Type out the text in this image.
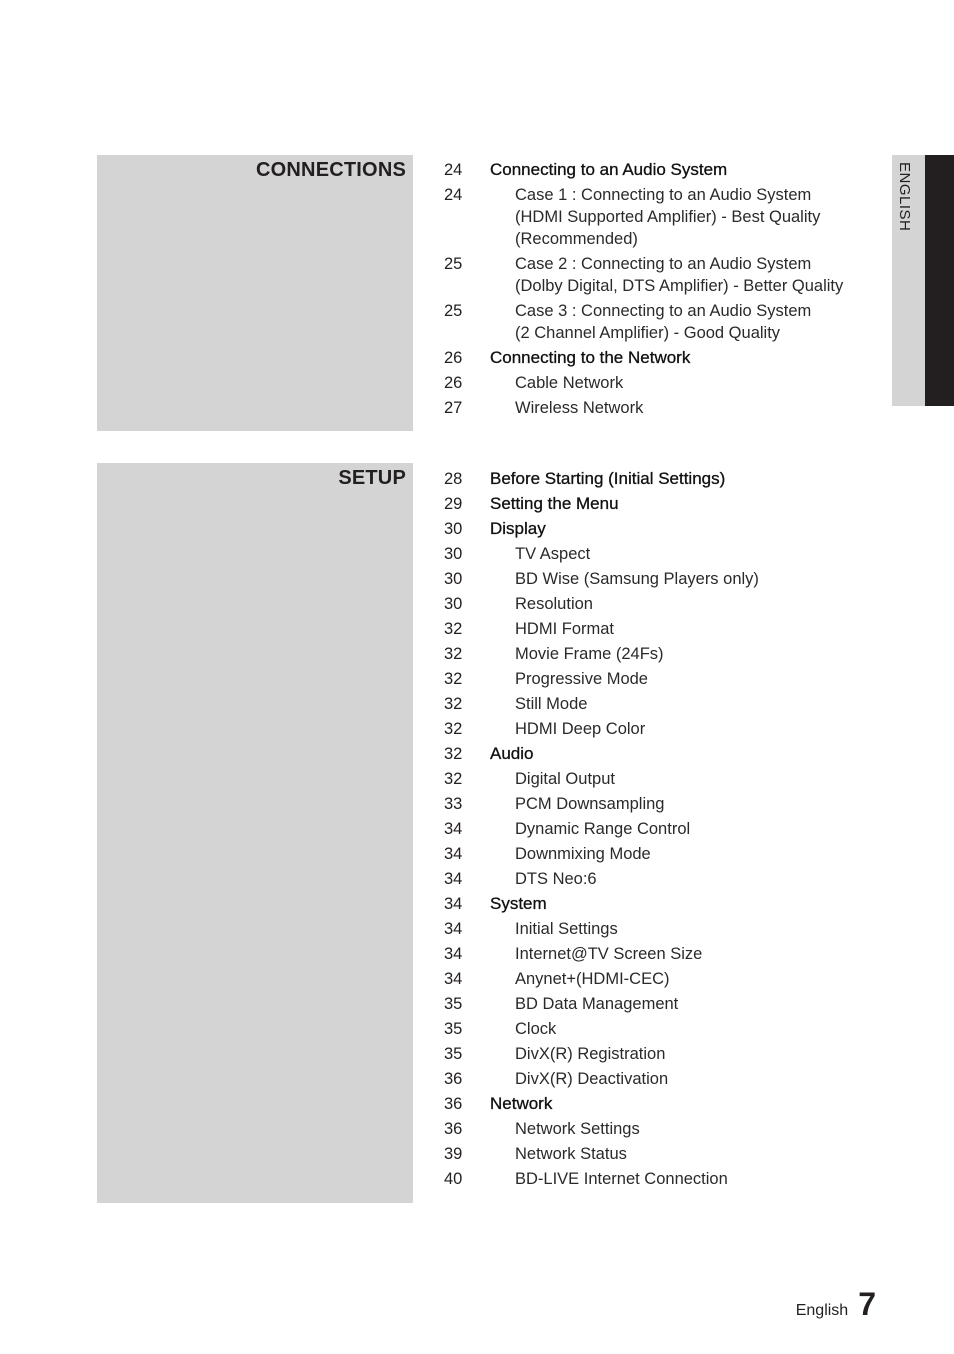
CONNECTIONS 24	Connecting to an Audio System
24	Case 1 : Connecting to an Audio System
(HDMI Supported Amplifier) - Best Quality
(Recommended)
25	Case 2 : Connecting to an Audio System
(Dolby Digital, DTS Amplifier) - Better Quality
25	Case 3 : Connecting to an Audio System
(2 Channel Amplifier) - Good Quality
26	Connecting to the Network
26	Cable Network
27	Wireless Network
SETUP 28	Before Starting (Initial Settings)
29	Setting the Menu
30	Display
30	TV Aspect
30	BD Wise (Samsung Players only)
30	Resolution
32	HDMI Format
32	Movie Frame (24Fs)
32	Progressive Mode
32	Still Mode
32	HDMI Deep Color
32	Audio
32	Digital Output
33	PCM Downsampling
34	Dynamic Range Control
34	Downmixing Mode
34	DTS Neo:6
34	System
34	Initial Settings
34	Internet@TV Screen Size
34	Anynet+(HDMI-CEC)
35	BD Data Management
35	Clock
35	DivX(R) Registration
36	DivX(R) Deactivation
36	Network
36	Network Settings
39	Network Status
40	BD-LIVE Internet Connection
ENGLISH
English 7
